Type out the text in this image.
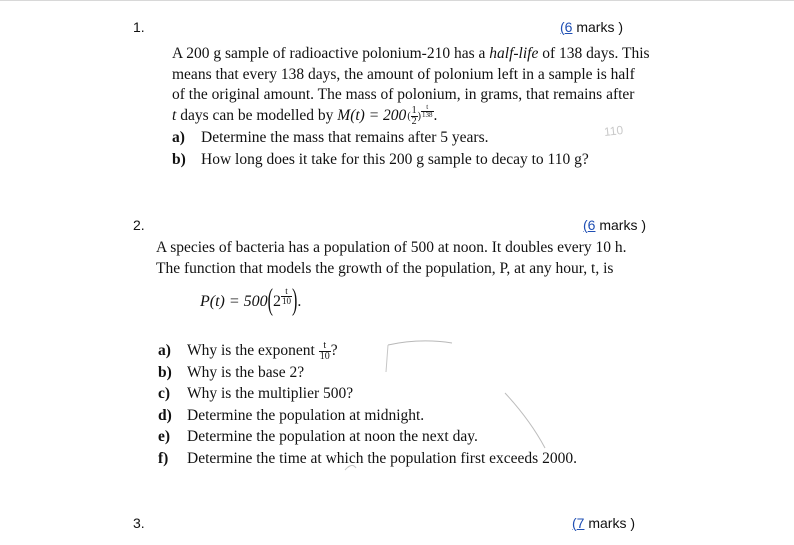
1.	(6 marks )
A 200 g sample of radioactive polonium-210 has a half-life of 138 days. This
means that every 138 days, the amount of polonium left in a sample is half
of the original amount. The mass of polonium, in grams, that remains after
t days can be modelled by $M(t) = 200( \frac{1}{2}$ ) $\frac{t}{138}$ .
a) Determine the mass that remains after 5 years.
b) How long does it take for this 200 g sample to decay to 110 g?
110
2.	(6 marks )
A species of bacteria has a population of 500 at noon. It doubles every 10 h.
The function that models the growth of the population, P, at any hour, t, is
$P(t) = 500(2 \frac{t}{10}$ ).
a) Why is the exponent $\frac{t}{10}$ ?
b) Why is the base 2?
c) Why is the multiplier 500?
d) Determine the population at midnight.
e) Determine the population at noon the next day.
f) Determine the time at which the population first exceeds 2000.
3.	(7 marks )
